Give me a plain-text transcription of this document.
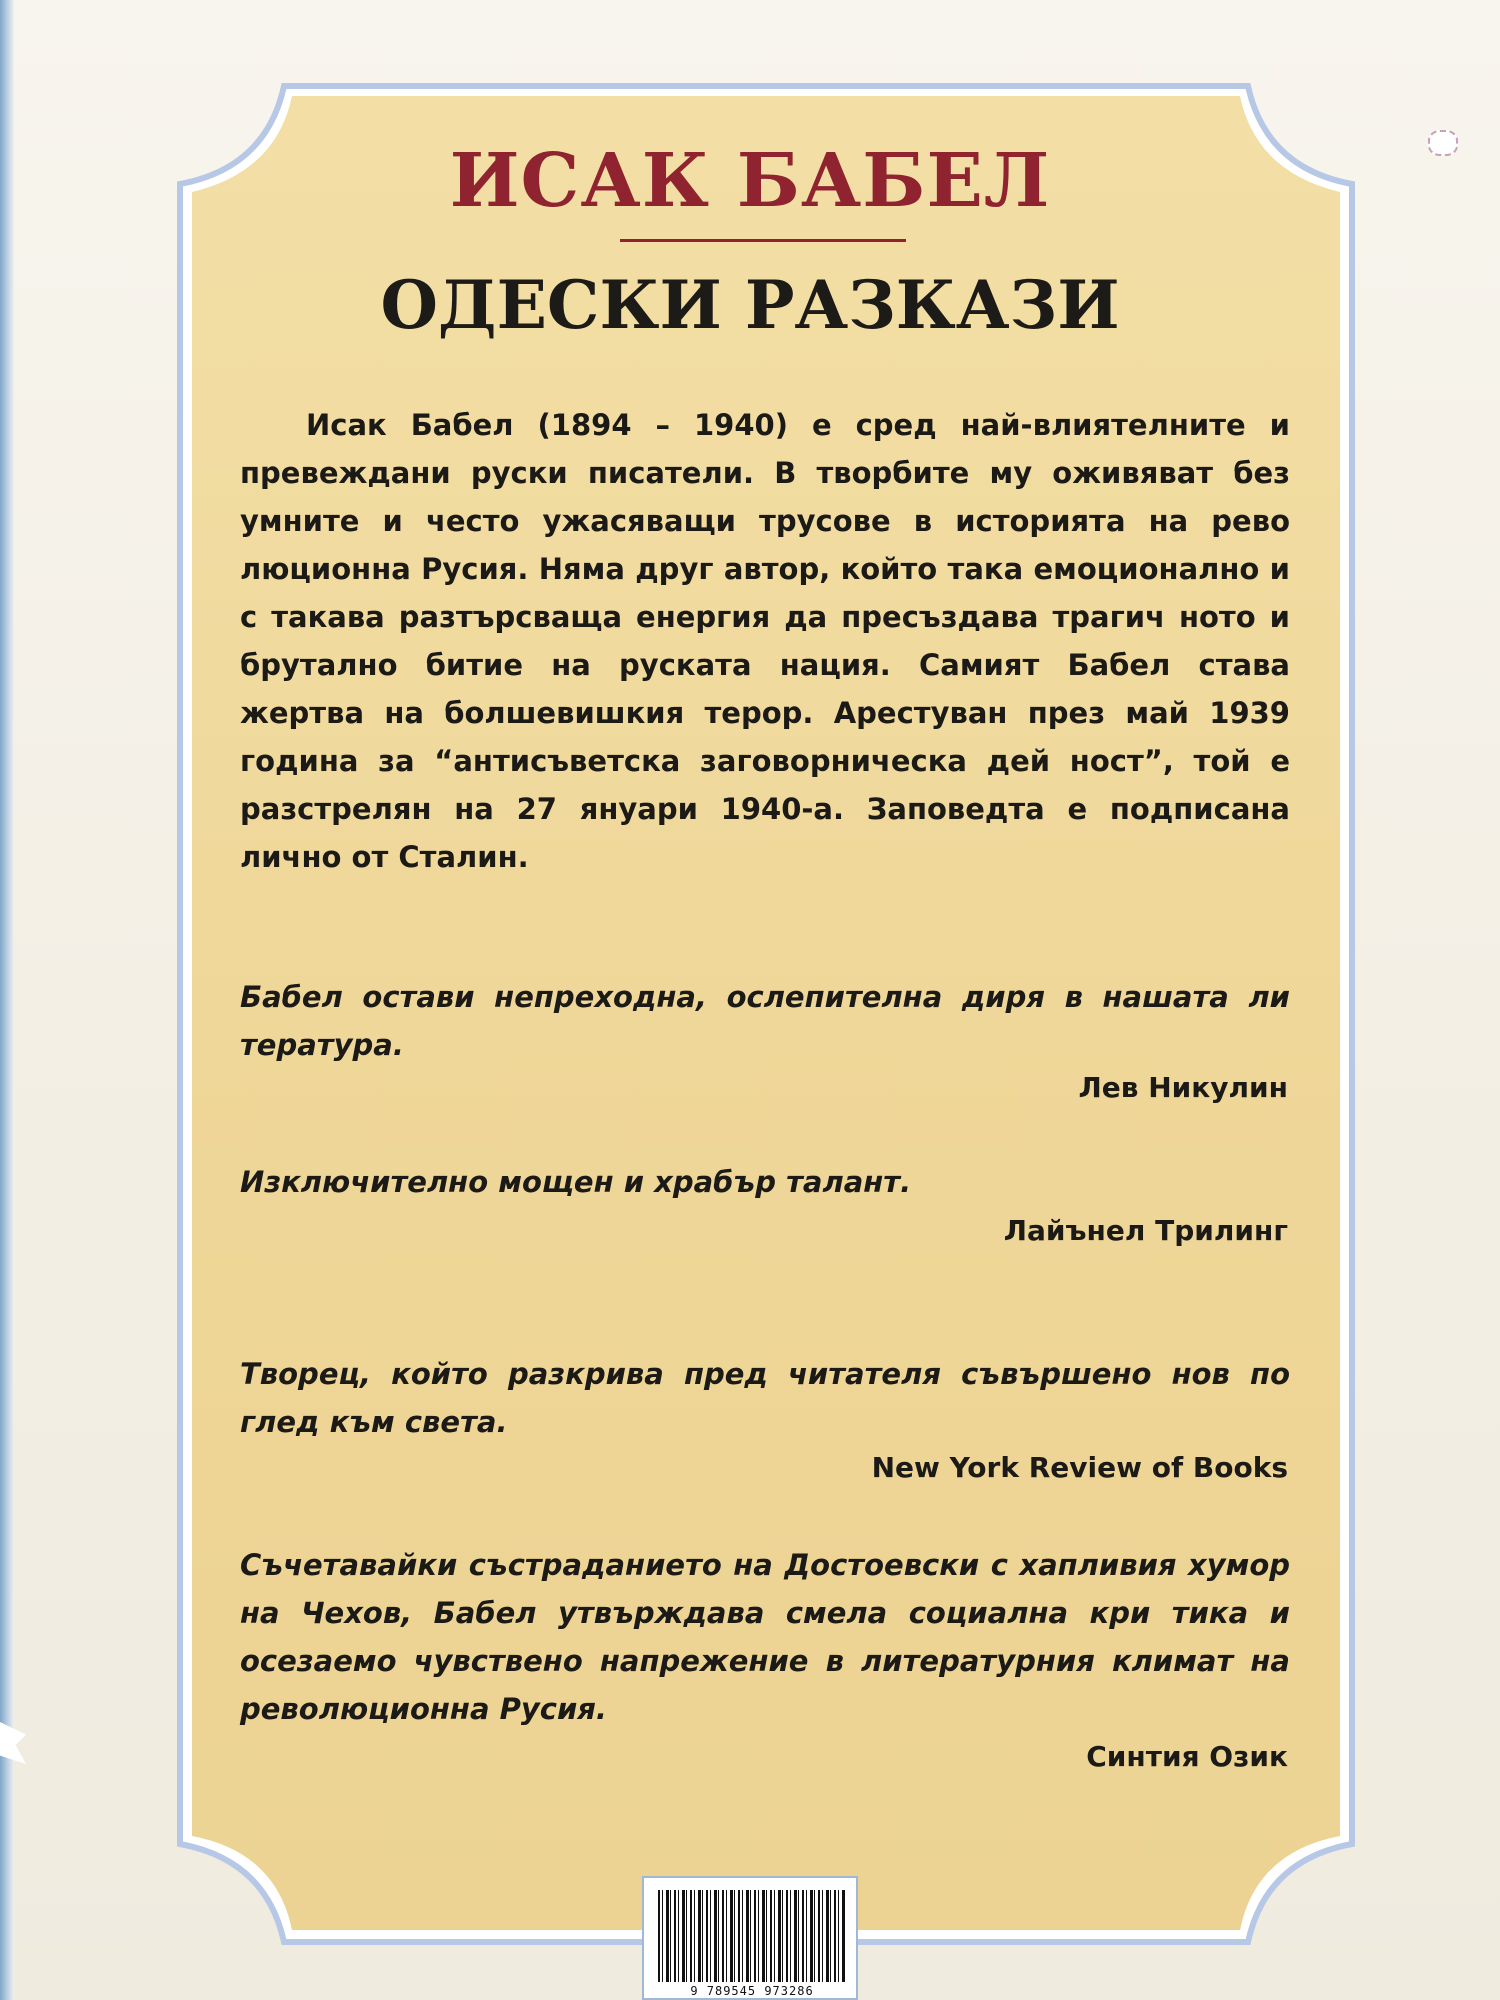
ИСАК БАБЕЛ
ОДЕСКИ РАЗКАЗИ

Исак Бабел (1894 – 1940) е сред най-влиятелните и превеждани руски писатели. В творбите му оживяват без умните и често ужасяващи трусове в историята на рево люционна Русия. Няма друг автор, който така емоционално и с такава разтърсваща енергия да пресъздава трагич ното и брутално битие на руската нация. Самият Бабел става жертва на болшевишкия терор. Арестуван през май 1939 година за “антисъветска заговорническа дей ност”, той е разстрелян на 27 януари 1940-а. Заповедта е подписана лично от Сталин.

Бабел остави непреходна, ослепителна диря в нашата ли тература.

Лев Никулин

Изключително мощен и храбър талант.

Лайънел Трилинг

Творец, който разкрива пред читателя съвършено нов по глед към света.

New York Review of Books

Съчетавайки състраданието на Достоевски с хапливия хумор на Чехов, Бабел утвърждава смела социална кри тика и осезаемо чувствено напрежение в литературния климат на революционна Русия.

Синтия Озик

9 789545 973286
